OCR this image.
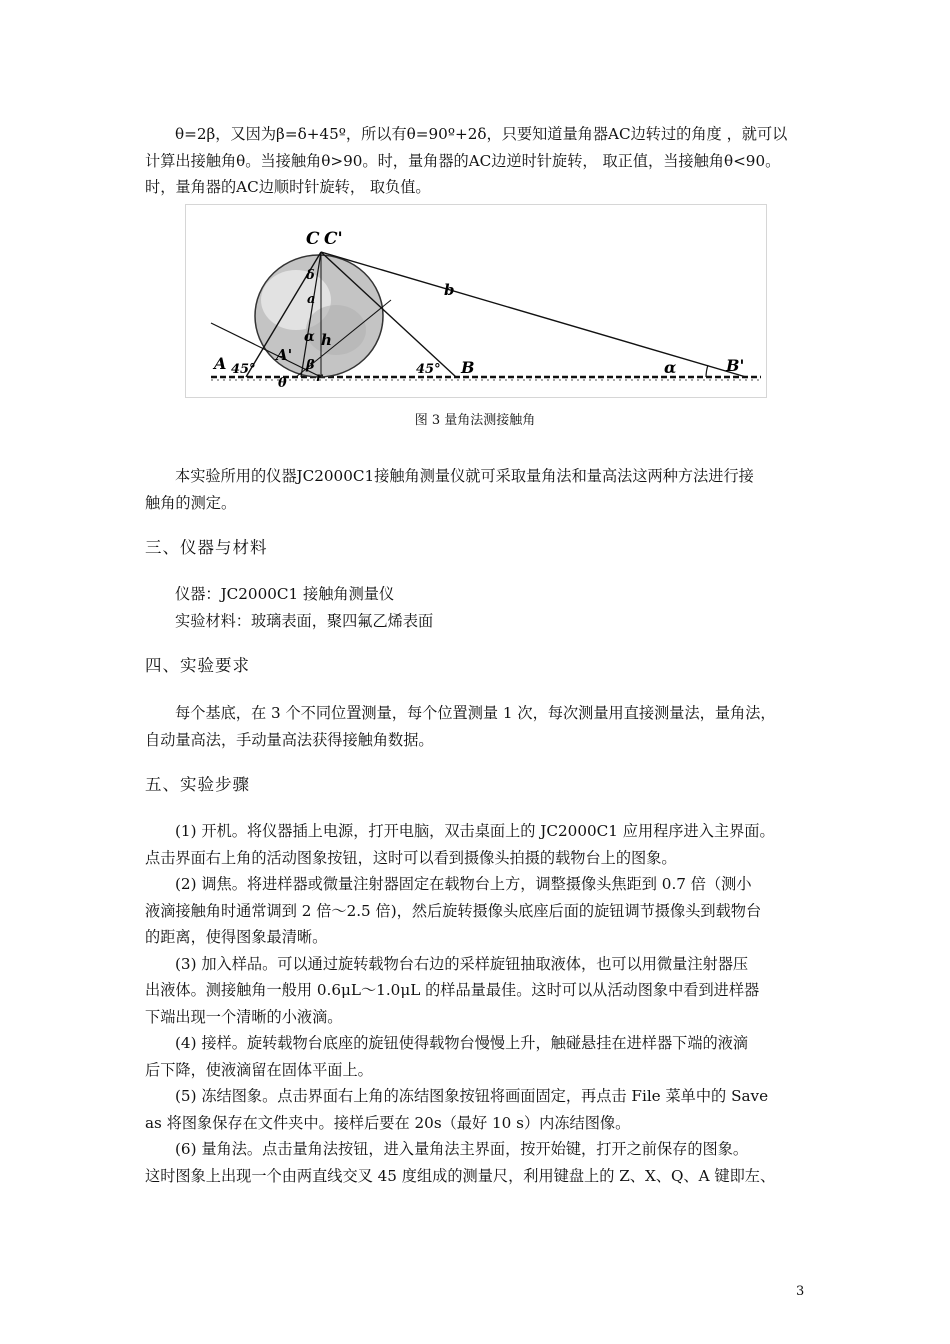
θ=2β，又因为β=δ+45º，所以有θ=90º+2δ，只要知道量角器AC边转过的角度 ，就可以
计算出接触角θ。当接触角θ>90。时，量角器的AC边逆时针旋转， 取正值，当接触角θ<90。
时，量角器的AC边顺时针旋转， 取负值。
C C'
b
δ
a
α h
A	A'
β
θ r
45°	45° B	α	B'
图 3 量角法测接触角
本实验所用的仪器JC2000C1接触角测量仪就可采取量角法和量高法这两种方法进行接
触角的测定。
三、仪器与材料
仪器：JC2000C1 接触角测量仪
实验材料：玻璃表面，聚四氟乙烯表面
四、实验要求
每个基底，在 3 个不同位置测量，每个位置测量 1 次，每次测量用直接测量法，量角法，
自动量高法，手动量高法获得接触角数据。
五、实验步骤
(1) 开机。将仪器插上电源，打开电脑，双击桌面上的 JC2000C1 应用程序进入主界面。
点击界面右上角的活动图象按钮，这时可以看到摄像头拍摄的载物台上的图象。
(2) 调焦。将进样器或微量注射器固定在载物台上方，调整摄像头焦距到 0.7 倍（测小
液滴接触角时通常调到 2 倍～2.5 倍)，然后旋转摄像头底座后面的旋钮调节摄像头到载物台
的距离，使得图象最清晰。
(3) 加入样品。可以通过旋转载物台右边的采样旋钮抽取液体，也可以用微量注射器压
出液体。测接触角一般用 0.6μL～1.0μL 的样品量最佳。这时可以从活动图象中看到进样器
下端出现一个清晰的小液滴。
(4) 接样。旋转载物台底座的旋钮使得载物台慢慢上升，触碰悬挂在进样器下端的液滴
后下降，使液滴留在固体平面上。
(5) 冻结图象。点击界面右上角的冻结图象按钮将画面固定，再点击 File 菜单中的 Save
as 将图象保存在文件夹中。接样后要在 20s（最好 10 s）内冻结图像。
(6) 量角法。点击量角法按钮，进入量角法主界面，按开始键，打开之前保存的图象。
这时图象上出现一个由两直线交叉 45 度组成的测量尺，利用键盘上的 Z、X、Q、A 键即左、
3
